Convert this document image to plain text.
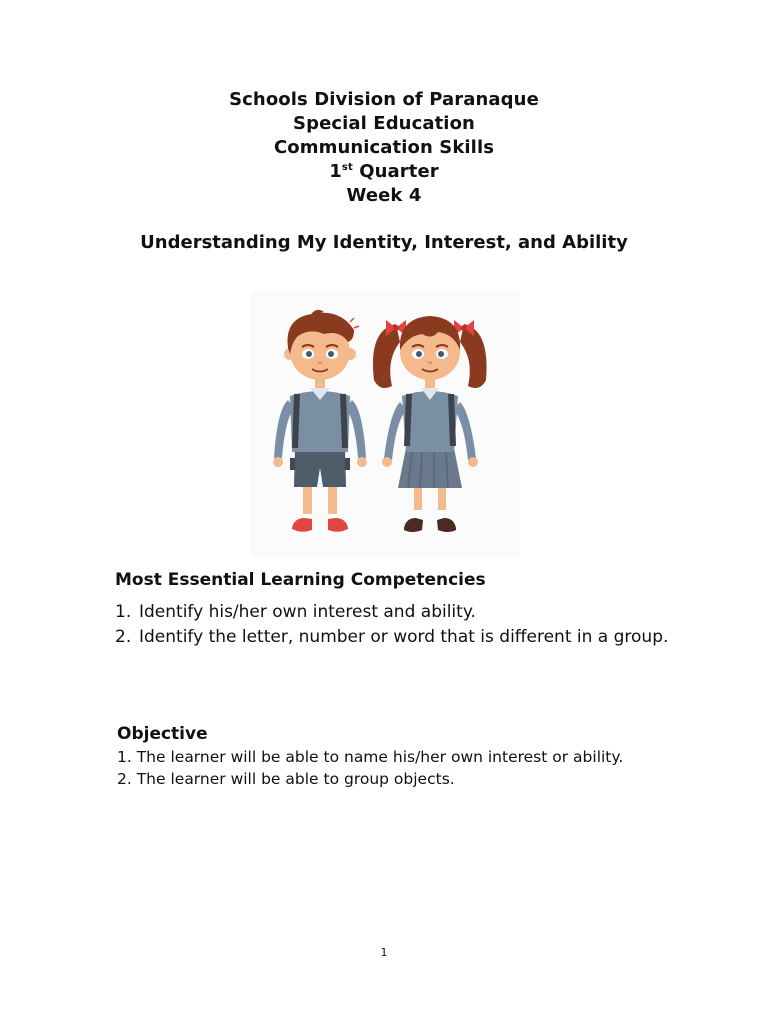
Schools Division of Paranaque
Special Education
Communication Skills
1st Quarter
Week 4
Understanding My Identity, Interest, and Ability
Most Essential Learning Competencies
1. Identify his/her own interest and ability.
2. Identify the letter, number or word that is different in a group.
Objective
1. The learner will be able to name his/her own interest or ability.
2. The learner will be able to group objects.
1
